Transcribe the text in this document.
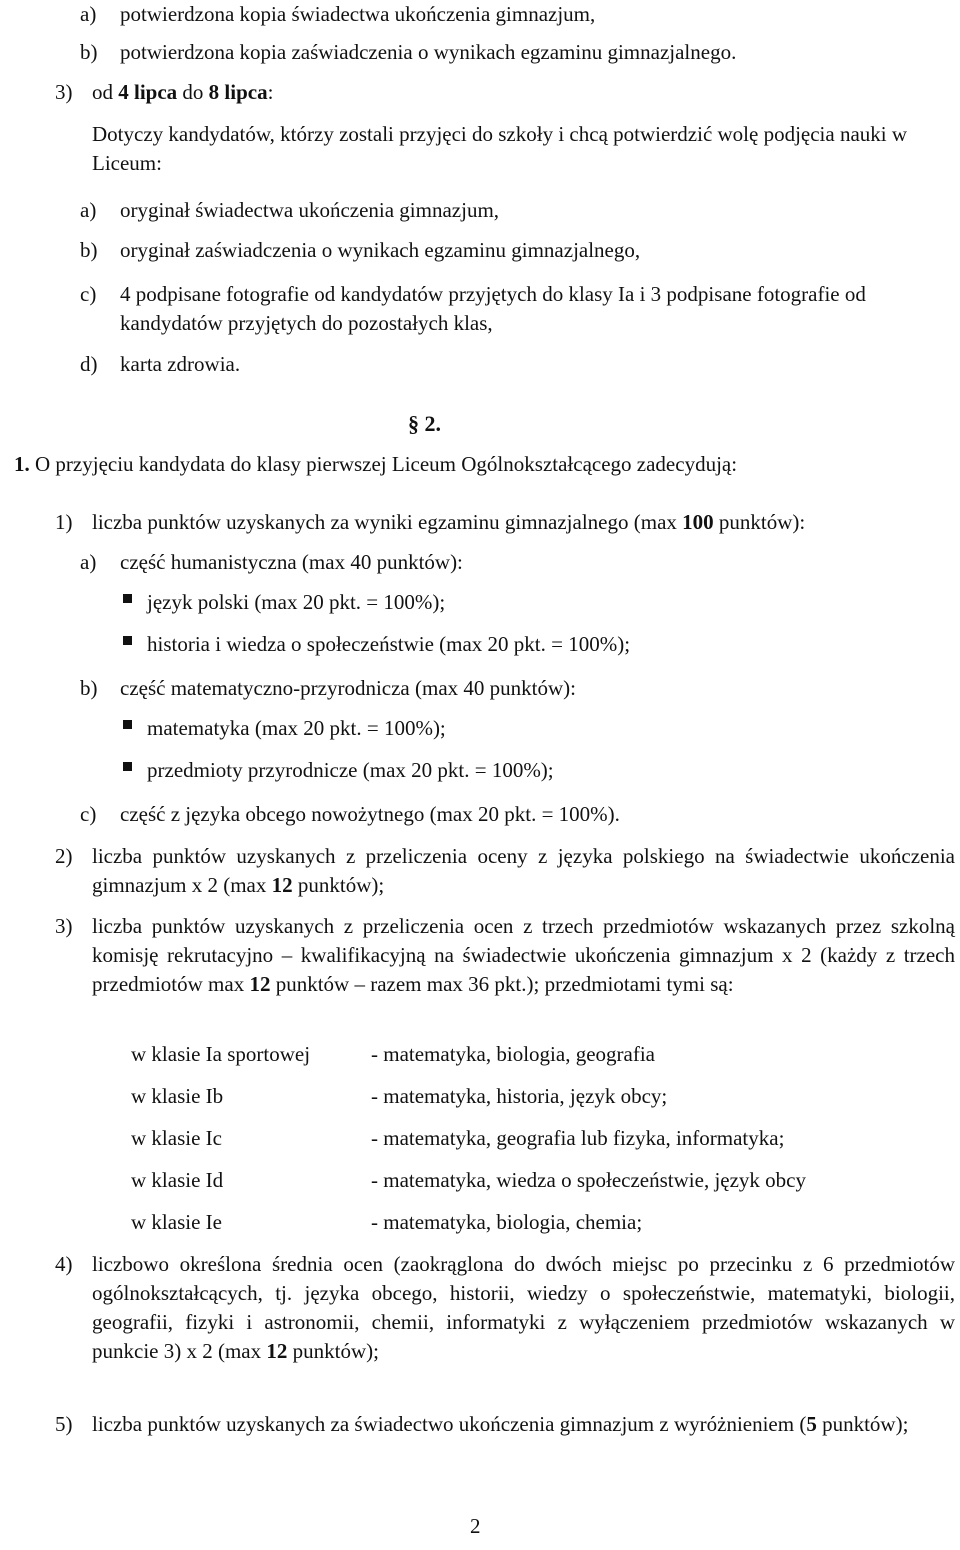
a) potwierdzona kopia świadectwa ukończenia gimnazjum,
b) potwierdzona kopia zaświadczenia o wynikach egzaminu gimnazjalnego.
3) od 4 lipca do 8 lipca:
Dotyczy kandydatów, którzy zostali przyjęci do szkoły i chcą potwierdzić wolę podjęcia nauki w Liceum:
a) oryginał świadectwa ukończenia gimnazjum,
b) oryginał zaświadczenia o wynikach egzaminu gimnazjalnego,
c) 4 podpisane fotografie od kandydatów przyjętych do klasy Ia i 3 podpisane fotografie od kandydatów przyjętych do pozostałych klas,
d) karta zdrowia.
§ 2.
1. O przyjęciu kandydata do klasy pierwszej Liceum Ogólnokształcącego zadecydują:
1) liczba punktów uzyskanych za wyniki egzaminu gimnazjalnego (max 100 punktów):
a) część humanistyczna (max 40 punktów):
język polski (max 20 pkt. = 100%);
historia i wiedza o społeczeństwie (max 20 pkt. = 100%);
b) część matematyczno-przyrodnicza (max 40 punktów):
matematyka (max 20 pkt. = 100%);
przedmioty przyrodnicze (max 20 pkt. = 100%);
c) część z języka obcego nowożytnego (max 20 pkt. = 100%).
2) liczba punktów uzyskanych z przeliczenia oceny z języka polskiego na świadectwie ukończenia gimnazjum x 2 (max 12 punktów);
3) liczba punktów uzyskanych z przeliczenia ocen z trzech przedmiotów wskazanych przez szkolną komisję rekrutacyjno – kwalifikacyjną na świadectwie ukończenia gimnazjum x 2 (każdy z trzech przedmiotów max 12 punktów – razem max 36 pkt.); przedmiotami tymi są:
w klasie Ia sportowej	- matematyka, biologia, geografia
w klasie Ib	- matematyka, historia, język obcy;
w klasie Ic	- matematyka, geografia lub fizyka, informatyka;
w klasie Id	- matematyka, wiedza o społeczeństwie, język obcy
w klasie Ie	- matematyka, biologia, chemia;
4) liczbowo określona średnia ocen (zaokrąglona do dwóch miejsc po przecinku z 6 przedmiotów ogólnokształcących, tj. języka obcego, historii, wiedzy o społeczeństwie, matematyki, biologii, geografii, fizyki i astronomii, chemii, informatyki z wyłączeniem przedmiotów wskazanych w punkcie 3) x 2 (max 12 punktów);
5) liczba punktów uzyskanych za świadectwo ukończenia gimnazjum z wyróżnieniem (5 punktów);
2
